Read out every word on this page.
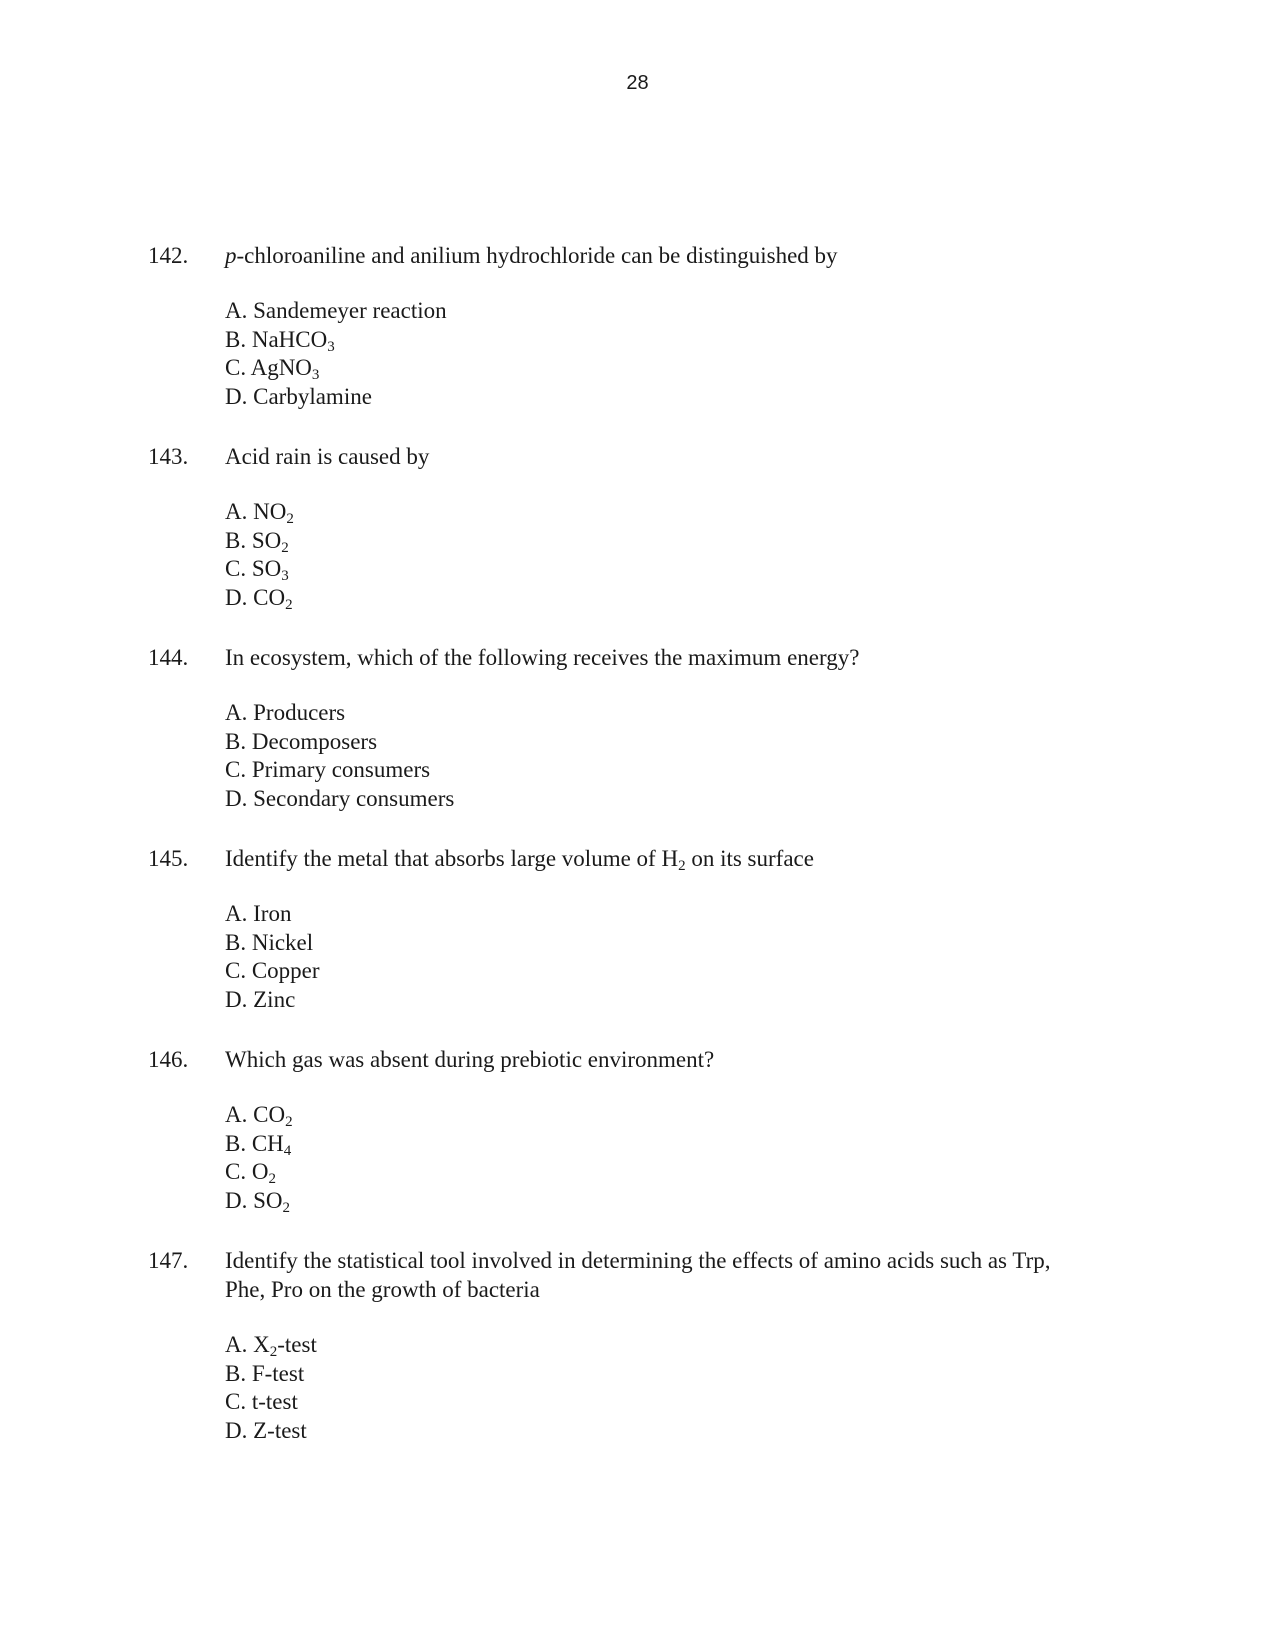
28
142. p-chloroaniline and anilium hydrochloride can be distinguished by
A. Sandemeyer reaction
B. NaHCO$_3$
C. AgNO$_3$
D. Carbylamine
143. Acid rain is caused by
A. $NO_2$
B. $SO_2$
C. $SO_3$
D. $CO_2$
144. In ecosystem, which of the following receives the maximum energy?
A. Producers
B. Decomposers
C. Primary consumers
D. Secondary consumers
145. Identify the metal that absorbs large volume of $H_2$ on its surface
A. Iron
B. Nickel
C. Copper
D. Zinc
146. Which gas was absent during prebiotic environment?
A. $CO_2$
B. $CH_4$
C. $O_2$
D. $SO_2$
147. Identify the statistical tool involved in determining the effects of amino acids such as Trp,
Phe, Pro on the growth of bacteria
A. $X_2$-test
B. F-test
C. t-test
D. Z-test
